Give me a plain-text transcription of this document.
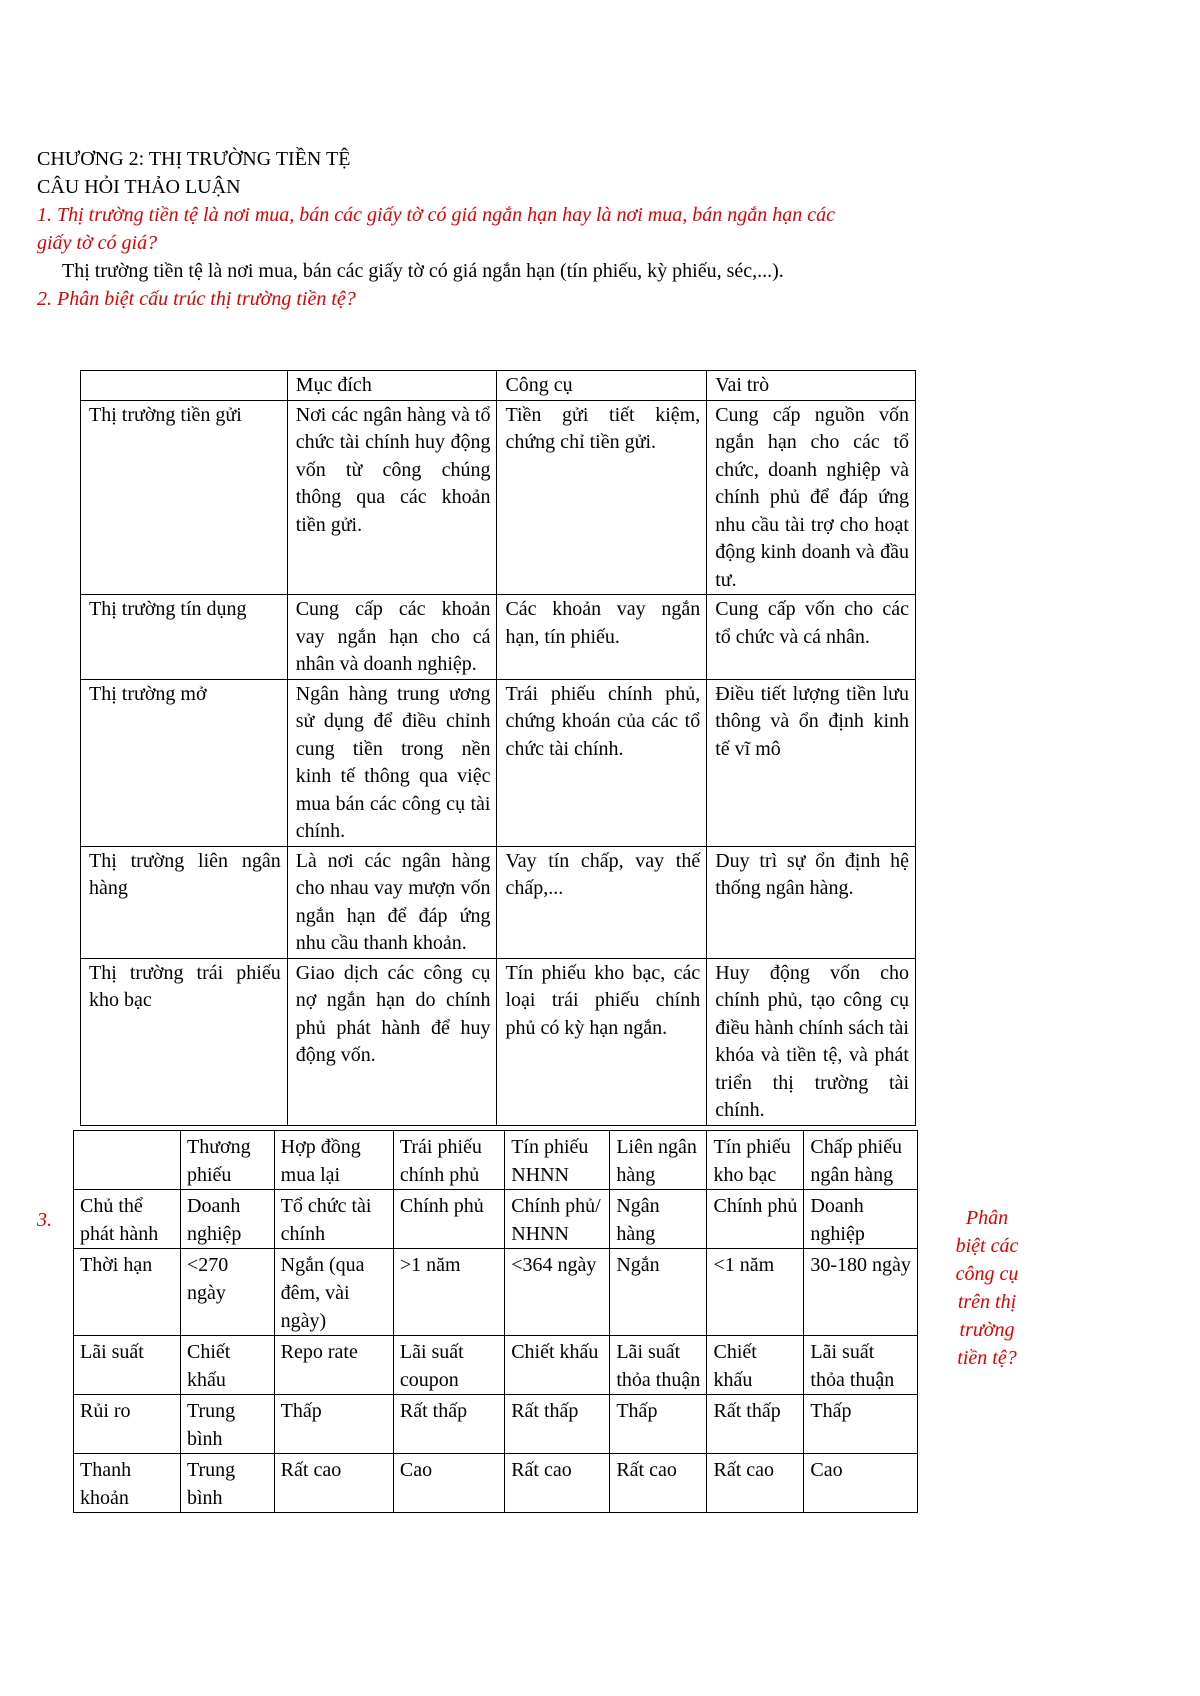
CHƯƠNG 2: THỊ TRƯỜNG TIỀN TỆ
CÂU HỎI THẢO LUẬN
1. Thị trường tiền tệ là nơi mua, bán các giấy tờ có giá ngắn hạn hay là nơi mua, bán ngắn hạn các
giấy tờ có giá?
Thị trường tiền tệ là nơi mua, bán các giấy tờ có giá ngắn hạn (tín phiếu, kỳ phiếu, séc,...).
2. Phân biệt cấu trúc thị trường tiền tệ?
	Mục đích	Công cụ	Vai trò
Thị trường tiền gửi	Nơi các ngân hàng và tổ chức tài chính huy động vốn từ công chúng thông qua các khoản tiền gửi.	Tiền gửi tiết kiệm, chứng chỉ tiền gửi.	Cung cấp nguồn vốn ngắn hạn cho các tổ chức, doanh nghiệp và chính phủ để đáp ứng nhu cầu tài trợ cho hoạt động kinh doanh và đầu tư.
Thị trường tín dụng	Cung cấp các khoản vay ngắn hạn cho cá nhân và doanh nghiệp.	Các khoản vay ngắn hạn, tín phiếu.	Cung cấp vốn cho các tổ chức và cá nhân.
Thị trường mở	Ngân hàng trung ương sử dụng để điều chỉnh cung tiền trong nền kinh tế thông qua việc mua bán các công cụ tài chính.	Trái phiếu chính phủ, chứng khoán của các tổ chức tài chính.	Điều tiết lượng tiền lưu thông và ổn định kinh tế vĩ mô
Thị trường liên ngân hàng	Là nơi các ngân hàng cho nhau vay mượn vốn ngắn hạn để đáp ứng nhu cầu thanh khoản.	Vay tín chấp, vay thế chấp,...	Duy trì sự ổn định hệ thống ngân hàng.
Thị trường trái phiếu kho bạc	Giao dịch các công cụ nợ ngắn hạn do chính phủ phát hành để huy động vốn.	Tín phiếu kho bạc, các loại trái phiếu chính phủ có kỳ hạn ngắn.	Huy động vốn cho chính phủ, tạo công cụ điều hành chính sách tài khóa và tiền tệ, và phát triển thị trường tài chính.
3.
	Thương phiếu	Hợp đồng mua lại	Trái phiếu chính phủ	Tín phiếu NHNN	Liên ngân hàng	Tín phiếu kho bạc	Chấp phiếu ngân hàng
Chủ thể phát hành	Doanh nghiệp	Tổ chức tài chính	Chính phủ	Chính phủ/ NHNN	Ngân hàng	Chính phủ	Doanh nghiệp
Thời hạn	<270 ngày	Ngắn (qua đêm, vài ngày)	>1 năm	<364 ngày	Ngắn	<1 năm	30-180 ngày
Lãi suất	Chiết khấu	Repo rate	Lãi suất coupon	Chiết khấu	Lãi suất thỏa thuận	Chiết khấu	Lãi suất thỏa thuận
Rủi ro	Trung bình	Thấp	Rất thấp	Rất thấp	Thấp	Rất thấp	Thấp
Thanh khoản	Trung bình	Rất cao	Cao	Rất cao	Rất cao	Rất cao	Cao
Phân
biệt các
công cụ
trên thị
trường
tiền tệ?
